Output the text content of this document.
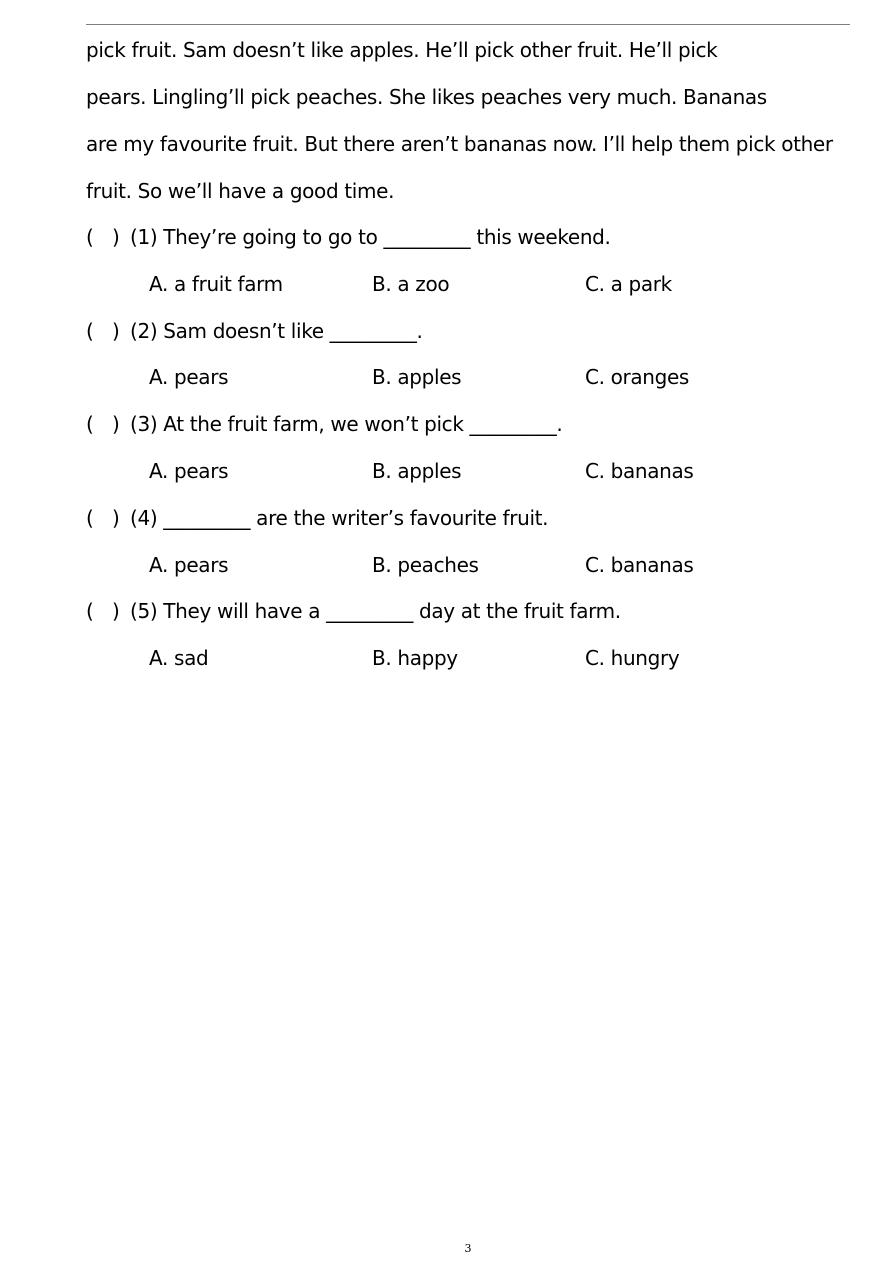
pick fruit. Sam doesn’t like apples. He’ll pick other fruit. He’ll pick
pears. Lingling’ll pick peaches. She likes peaches very much. Bananas
are my favourite fruit. But there aren’t bananas now. I’ll help them pick other
fruit. So we’ll have a good time.
( ) (1) They’re going to go to _________ this weekend.
A. a fruit farm	B. a zoo	C. a park
( ) (2) Sam doesn’t like _________.
A. pears	B. apples	C. oranges
( ) (3) At the fruit farm, we won’t pick _________.
A. pears	B. apples	C. bananas
( ) (4) _________ are the writer’s favourite fruit.
A. pears	B. peaches	C. bananas
( ) (5) They will have a _________ day at the fruit farm.
A. sad	B. happy	C. hungry
3
